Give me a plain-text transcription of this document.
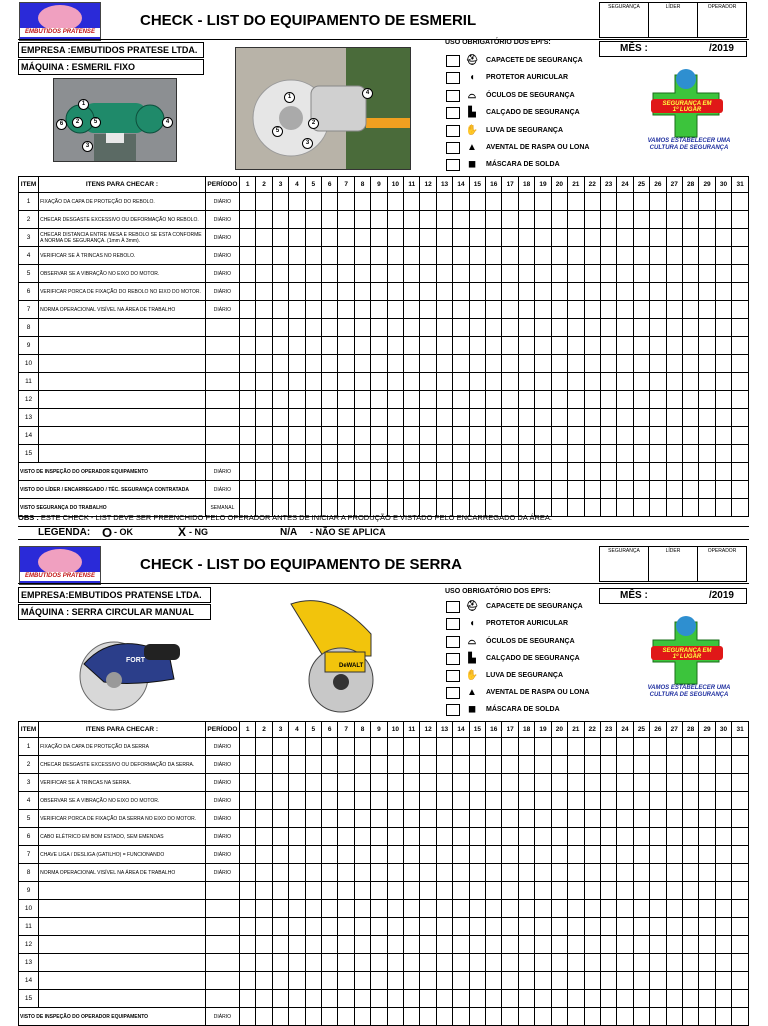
EMBUTIDOS PRATENSE
CHECK - LIST DO EQUIPAMENTO DE ESMERIL
SEGURANÇA	LÍDER	OPERADOR
EMPRESA :EMBUTIDOS PRATESE LTDA.
MÁQUINA : ESMERIL FIXO
1
6	2	5	4
3
1
4
2
5
3
USO OBRIGATÓRIO DOS EPI'S:
⛑ CAPACETE DE SEGURANÇA
◖	PROTETOR AURICULAR
⌓	ÓCULOS DE SEGURANÇA
▙	CALÇADO DE SEGURANÇA
✋ LUVA DE SEGURANÇA
▲	AVENTAL DE RASPA OU LONA
◼	MÁSCARA DE SOLDA
MÊS :	/2019
SEGURANÇA EM
1º LUGAR
VAMOS ESTABELECER UMA CULTURA DE SEGURANÇA
ITEM	ITENS PARA CHECAR :	PERÍODO	1	2	3	4	5	6	7	8	9	10	11	12	13	14	15	16	17	18	19	20	21	22	23	24	25	26	27	28	29	30	31
1	FIXAÇÃO DA CAPA DE PROTEÇÃO DO REBOLO.	DIÁRIO																															
2	CHECAR DESGASTE EXCESSIVO OU DEFORMAÇÃO NO REBOLO.	DIÁRIO																															
3	CHECAR DISTANCIA ENTRE MESA E REBOLO SE ESTA CONFORME A NORMA DE SEGURANÇA. (1mm À 3mm).	DIÁRIO																															
4	VERIFICAR SE À TRINCAS NO REBOLO.	DIÁRIO																															
5	OBSERVAR SE A VIBRAÇÃO NO EIXO DO MOTOR.	DIÁRIO																															
6	VERIFICAR PORCA DE FIXAÇÃO DO REBOLO NO EIXO DO MOTOR.	DIÁRIO																															
7	NORMA OPERACIONAL VISÍVEL NA ÁREA DE TRABALHO	DIÁRIO																															
8																																	
9																																	
10																																	
11																																	
12																																	
13																																	
14																																	
15																																	
VISTO DE INSPEÇÃO DO OPERADOR EQUIPAMENTO		DIÁRIO																															
VISTO DO LÍDER / ENCARREGADO / TÉC. SEGURANÇA CONTRATADA		DIÁRIO																															
VISTO SEGURANÇA DO TRABALHO		SEMANAL																															
OBS : ESTE CHECK - LIST DEVE SER PREENCHIDO PELO OPERADOR ANTES DE INICIAR A PRODUÇÃO E VISTADO PELO ENCARREGADO DA ÁREA.
LEGENDA: O - OK	X - NG	N/A - NÃO SE APLICA
EMBUTIDOS PRATENSE
CHECK - LIST DO EQUIPAMENTO DE SERRA
SEGURANÇA	LÍDER	OPERADOR
EMPRESA:EMBUTIDOS PRATENSE LTDA.
MÁQUINA : SERRA CIRCULAR MANUAL
FORT
DeWALT
USO OBRIGATÓRIO DOS EPI'S:
⛑ CAPACETE DE SEGURANÇA
◖	PROTETOR AURICULAR
⌓	ÓCULOS DE SEGURANÇA
▙	CALÇADO DE SEGURANÇA
✋ LUVA DE SEGURANÇA
▲	AVENTAL DE RASPA OU LONA
◼	MÁSCARA DE SOLDA
MÊS :	/2019
SEGURANÇA EM
1º LUGAR
VAMOS ESTABELECER UMA CULTURA DE SEGURANÇA
ITEM	ITENS PARA CHECAR :	PERÍODO	1	2	3	4	5	6	7	8	9	10	11	12	13	14	15	16	17	18	19	20	21	22	23	24	25	26	27	28	29	30	31
1	FIXAÇÃO DA CAPA DE PROTEÇÃO DA SERRA	DIÁRIO																															
2	CHECAR DESGASTE EXCESSIVO OU DEFORMAÇÃO DA SERRA.	DIÁRIO																															
3	VERIFICAR SE À TRINCAS NA SERRA.	DIÁRIO																															
4	OBSERVAR SE A VIBRAÇÃO NO EIXO DO MOTOR.	DIÁRIO																															
5	VERIFICAR PORCA DE FIXAÇÃO DA SERRA NO EIXO DO MOTOR.	DIÁRIO																															
6	CABO ELÉTRICO EM BOM ESTADO, SEM EMENDAS	DIÁRIO																															
7	CHAVE LIGA / DESLIGA (GATILHO) = FUNCIONANDO	DIÁRIO																															
8	NORMA OPERACIONAL VISÍVEL NA ÁREA DE TRABALHO	DIÁRIO																															
9																																	
10																																	
11																																	
12																																	
13																																	
14																																	
15																																	
VISTO DE INSPEÇÃO DO OPERADOR EQUIPAMENTO		DIÁRIO																															
